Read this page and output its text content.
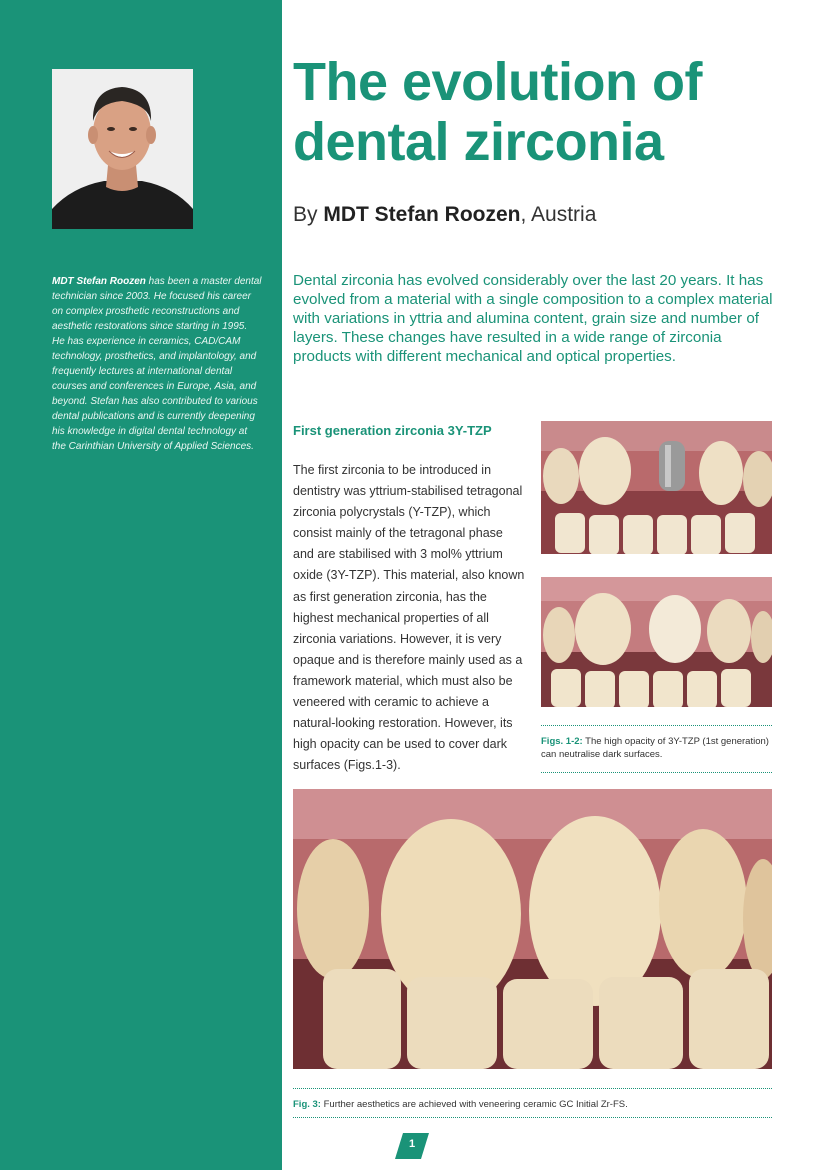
MDT Stefan Roozen has been a master dental technician since 2003. He focused his career on complex prosthetic reconstructions and aesthetic restorations since starting in 1995. He has experience in ceramics, CAD/CAM technology, prosthetics, and implantology, and frequently lectures at international dental courses and conferences in Europe, Asia, and beyond. Stefan has also contributed to various dental publications and is currently deepening his knowledge in digital dental technology at the Carinthian University of Applied Sciences.
The evolution of
dental zirconia
By MDT Stefan Roozen, Austria
Dental zirconia has evolved considerably over the last 20 years. It has evolved from a material with a single composition to a complex material with variations in yttria and alumina content, grain size and number of layers. These changes have resulted in a wide range of zirconia products with different mechanical and optical properties.
First generation zirconia 3Y-TZP
The first zirconia to be introduced in dentistry was yttrium-stabilised tetragonal zirconia polycrystals (Y-TZP), which consist mainly of the tetragonal phase and are stabilised with 3 mol% yttrium oxide (3Y-TZP). This material, also known as first generation zirconia, has the highest mechanical properties of all zirconia variations. However, it is very opaque and is therefore mainly used as a framework material, which must also be veneered with ceramic to achieve a natural-looking restoration. However, its high opacity can be used to cover dark surfaces (Figs.1-3).
Figs. 1-2: The high opacity of 3Y-TZP (1st generation) can neutralise dark surfaces.
Fig. 3: Further aesthetics are achieved with veneering ceramic GC Initial Zr-FS.
1
